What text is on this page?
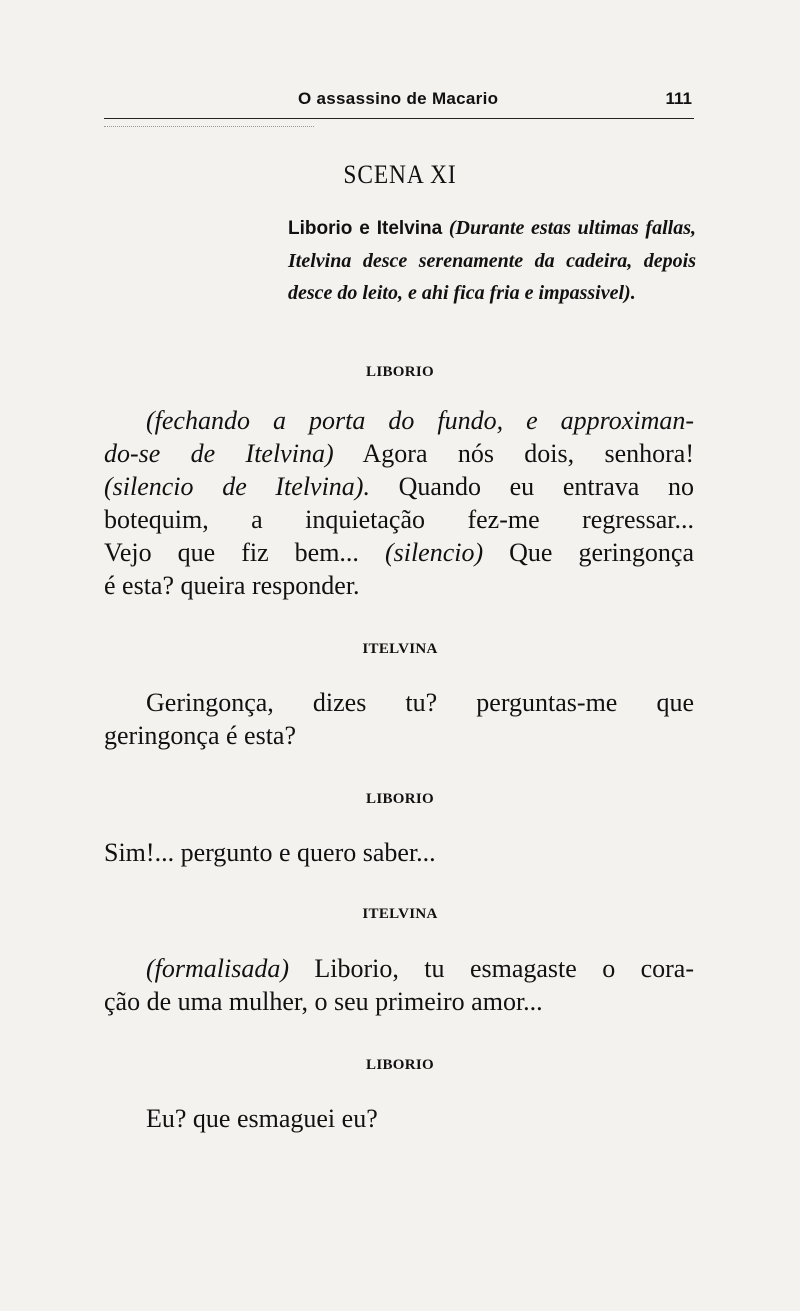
O assassino de Macario	111
SCENA XI
Liborio e Itelvina (Durante estas ultimas fallas, Itelvina desce serenamente da cadeira, depois desce do leito, e ahi fica fria e impassivel).
LIBORIO
(fechando a porta do fundo, e approximan-
do-se de Itelvina) Agora nós dois, senhora!
(silencio de Itelvina). Quando eu entrava no
botequim, a inquietação fez-me regressar...
Vejo que fiz bem... (silencio) Que geringonça
é esta? queira responder.
ITELVINA
Geringonça, dizes tu? perguntas-me que
geringonça é esta?
LIBORIO
Sim!... pergunto e quero saber...
ITELVINA
(formalisada) Liborio, tu esmagaste o cora-
ção de uma mulher, o seu primeiro amor...
LIBORIO
Eu? que esmaguei eu?
